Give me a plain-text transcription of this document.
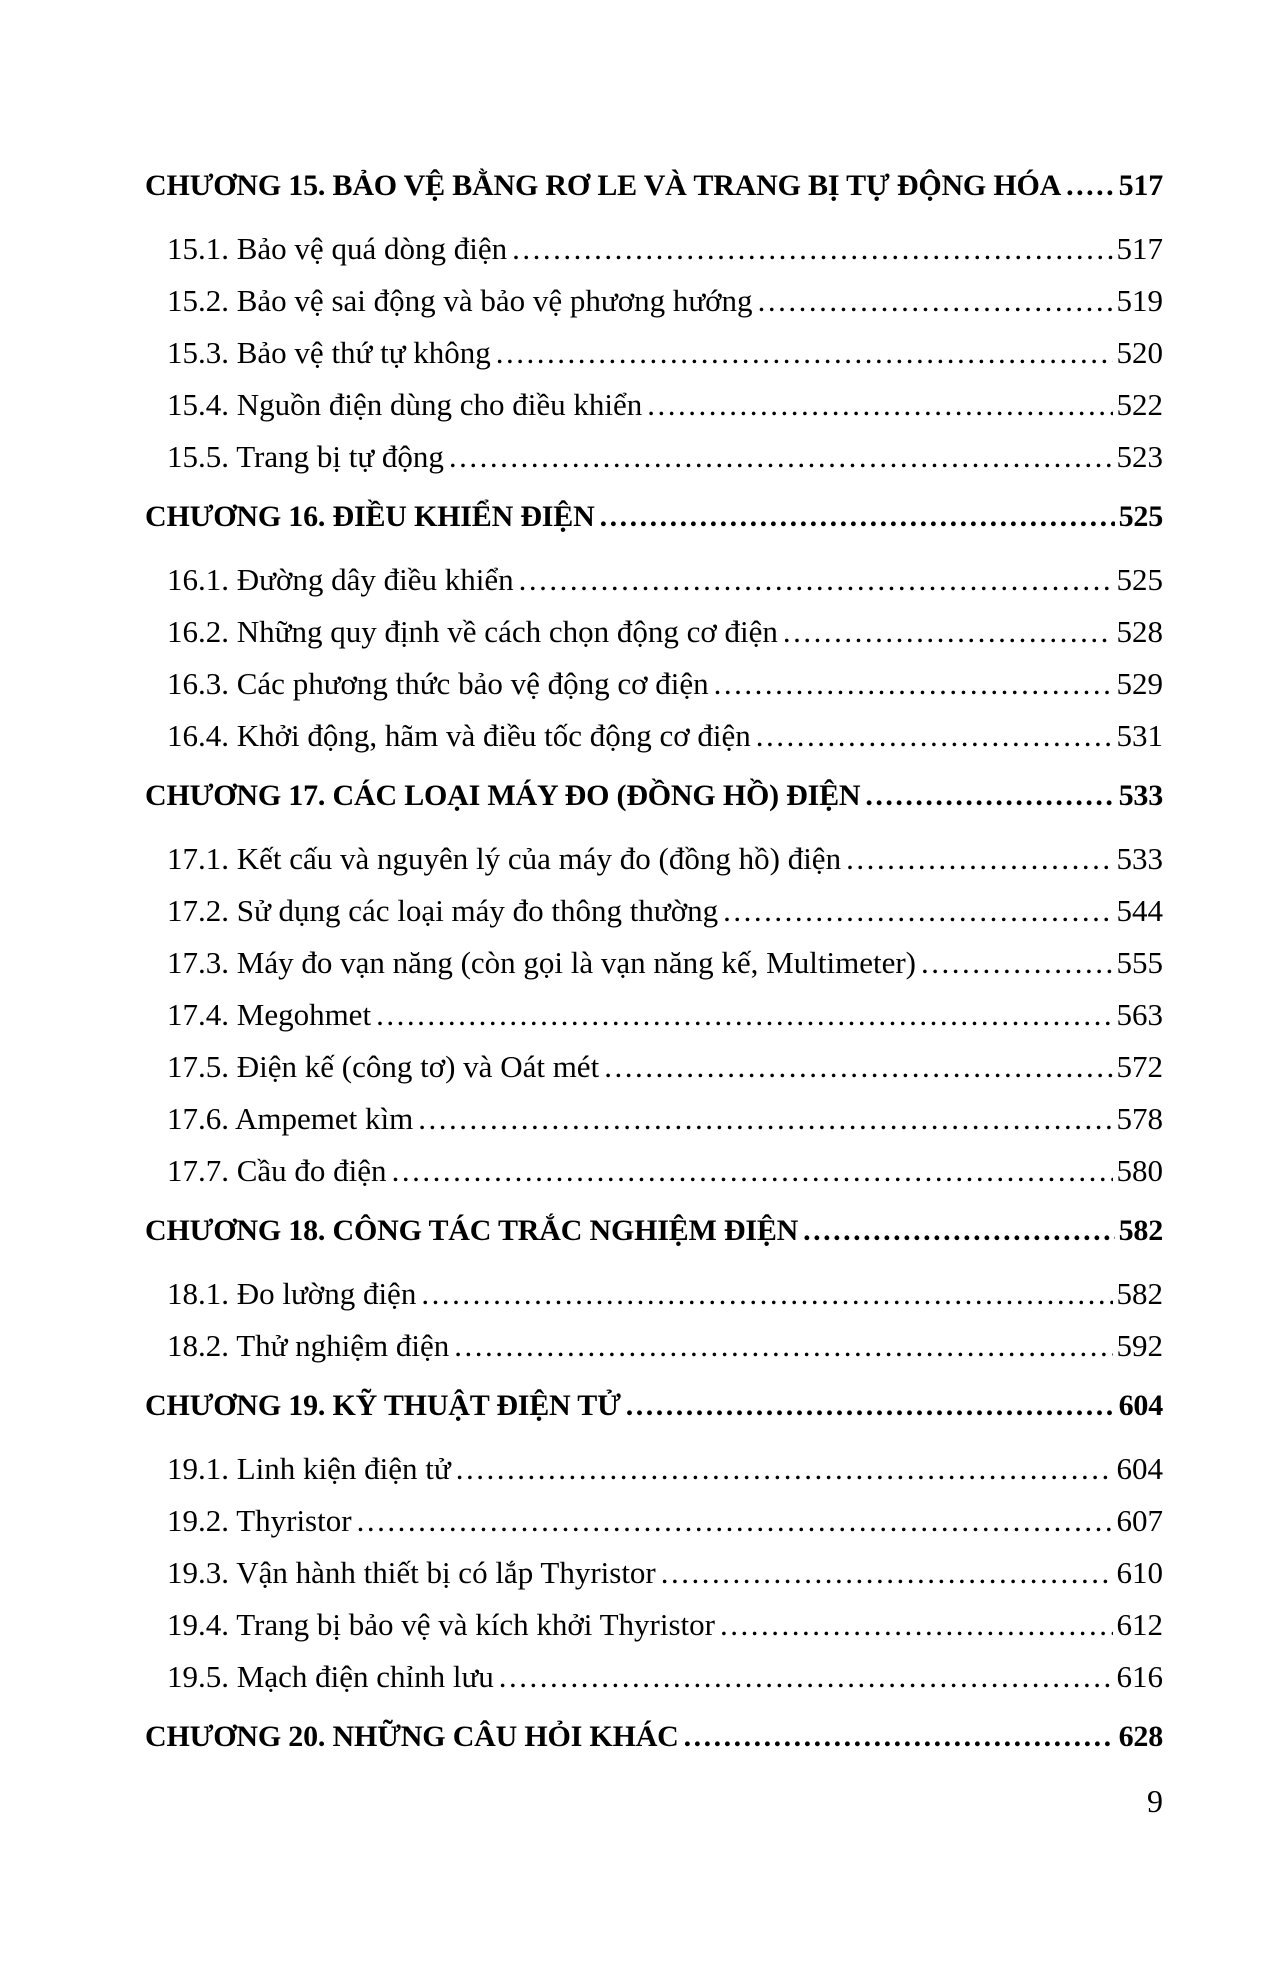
CHƯƠNG 15. BẢO VỆ BẰNG RƠ LE VÀ TRANG BỊ TỰ ĐỘNG HÓA ..... 517
15.1. Bảo vệ quá dòng điện .....	517
15.2. Bảo vệ sai động và bảo vệ phương hướng .....	519
15.3. Bảo vệ thứ tự không .....	520
15.4. Nguồn điện dùng cho điều khiển .....	522
15.5. Trang bị tự động .....	523
CHƯƠNG 16. ĐIỀU KHIỂN ĐIỆN .....	525
16.1. Đường dây điều khiển .....	525
16.2. Những quy định về cách chọn động cơ điện .....	528
16.3. Các phương thức bảo vệ động cơ điện .....	529
16.4. Khởi động, hãm và điều tốc động cơ điện .....	531
CHƯƠNG 17. CÁC LOẠI MÁY ĐO (ĐỒNG HỒ) ĐIỆN .....	533
17.1. Kết cấu và nguyên lý của máy đo (đồng hồ) điện .....	533
17.2. Sử dụng các loại máy đo thông thường .....	544
17.3. Máy đo vạn năng (còn gọi là vạn năng kế, Multimeter) .....	555
17.4. Megohmet .....	563
17.5. Điện kế (công tơ) và Oát mét .....	572
17.6. Ampemet kìm .....	578
17.7. Cầu đo điện .....	580
CHƯƠNG 18. CÔNG TÁC TRẮC NGHIỆM ĐIỆN .....	582
18.1. Đo lường điện .....	582
18.2. Thử nghiệm điện .....	592
CHƯƠNG 19. KỸ THUẬT ĐIỆN TỬ .....	604
19.1. Linh kiện điện tử .....	604
19.2. Thyristor .....	607
19.3. Vận hành thiết bị có lắp Thyristor .....	610
19.4. Trang bị bảo vệ và kích khởi Thyristor .....	612
19.5. Mạch điện chỉnh lưu .....	616
CHƯƠNG 20. NHỮNG CÂU HỎI KHÁC .....	628
9
